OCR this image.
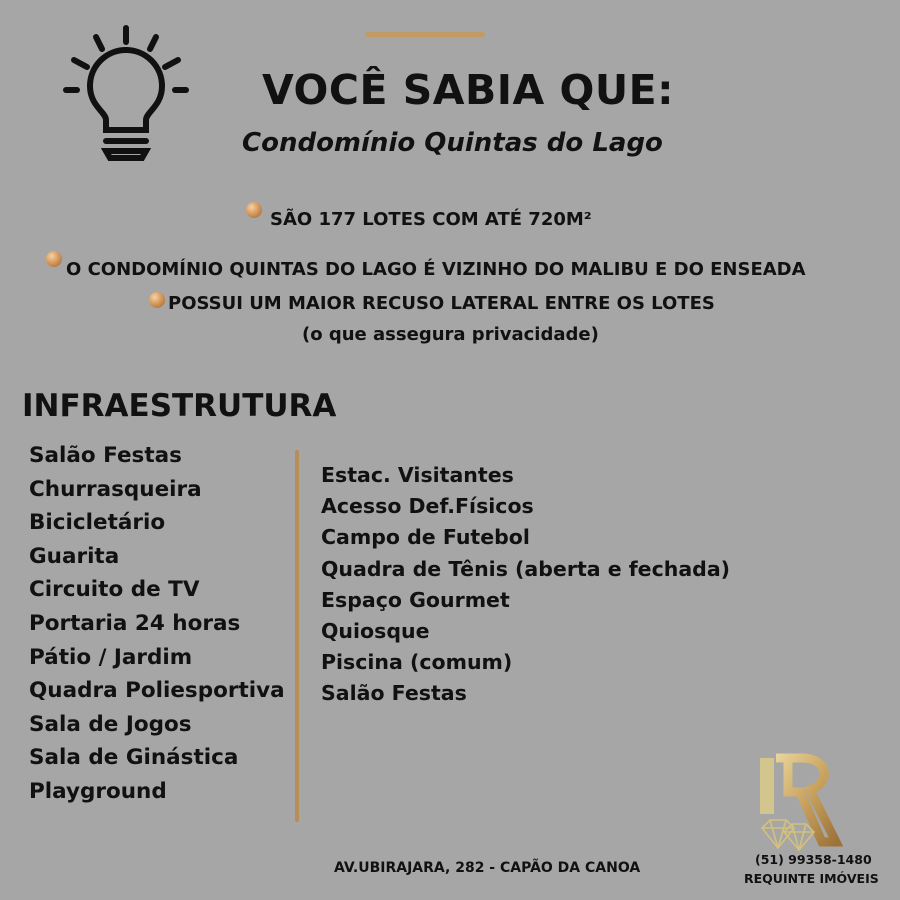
VOCÊ SABIA QUE:
Condomínio Quintas do Lago
SÃO 177 LOTES COM ATÉ 720M²
O CONDOMÍNIO QUINTAS DO LAGO É VIZINHO DO MALIBU E DO ENSEADA
POSSUI UM MAIOR RECUSO LATERAL ENTRE OS LOTES
(o que assegura privacidade)
INFRAESTRUTURA
Salão Festas
Churrasqueira
Bicicletário
Guarita
Circuito de TV
Portaria 24 horas
Pátio / Jardim
Quadra Poliesportiva
Sala de Jogos
Sala de Ginástica
Playground
Estac. Visitantes
Acesso Def.Físicos
Campo de Futebol
Quadra de Tênis (aberta e fechada)
Espaço Gourmet
Quiosque
Piscina (comum)
Salão Festas
AV.UBIRAJARA, 282 - CAPÃO DA CANOA
(51) 99358-1480
REQUINTE IMÓVEIS
